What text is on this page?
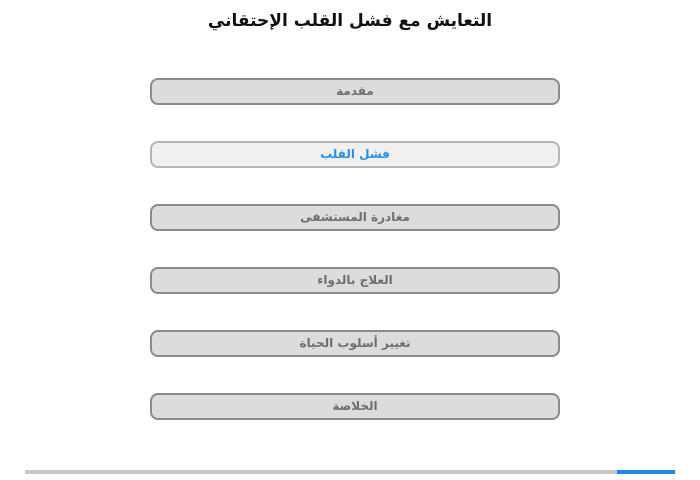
التعايش مع فشل القلب الإحتقاني
مقدمة
فشل القلب
مغادرة المستشفى
العلاج بالدواء
تغيير أسلوب الحياة
الخلاصة
